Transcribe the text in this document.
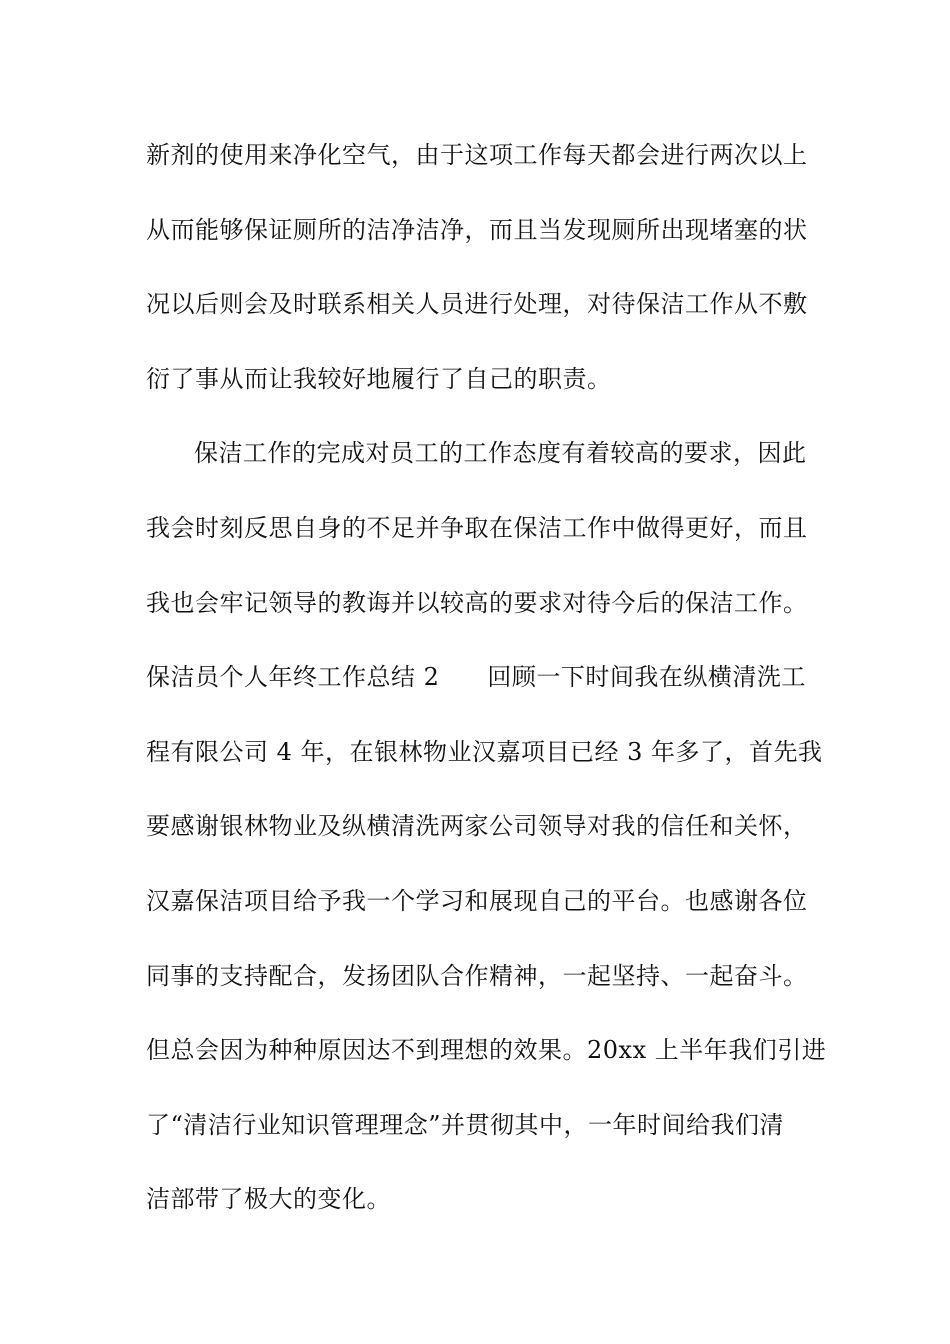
新剂的使用来净化空气，由于这项工作每天都会进行两次以上
从而能够保证厕所的洁净洁净，而且当发现厕所出现堵塞的状
况以后则会及时联系相关人员进行处理，对待保洁工作从不敷
衍了事从而让我较好地履行了自己的职责。
保洁工作的完成对员工的工作态度有着较高的要求，因此
我会时刻反思自身的不足并争取在保洁工作中做得更好，而且
我也会牢记领导的教诲并以较高的要求对待今后的保洁工作。
保洁员个人年终工作总结 2 回顾一下时间我在纵横清洗工
程有限公司 4 年，在银林物业汉嘉项目已经 3 年多了，首先我
要感谢银林物业及纵横清洗两家公司领导对我的信任和关怀，
汉嘉保洁项目给予我一个学习和展现自己的平台。也感谢各位
同事的支持配合，发扬团队合作精神，一起坚持、一起奋斗。
但总会因为种种原因达不到理想的效果。20xx 上半年我们引进
了“清洁行业知识管理理念”并贯彻其中，一年时间给我们清
洁部带了极大的变化。
